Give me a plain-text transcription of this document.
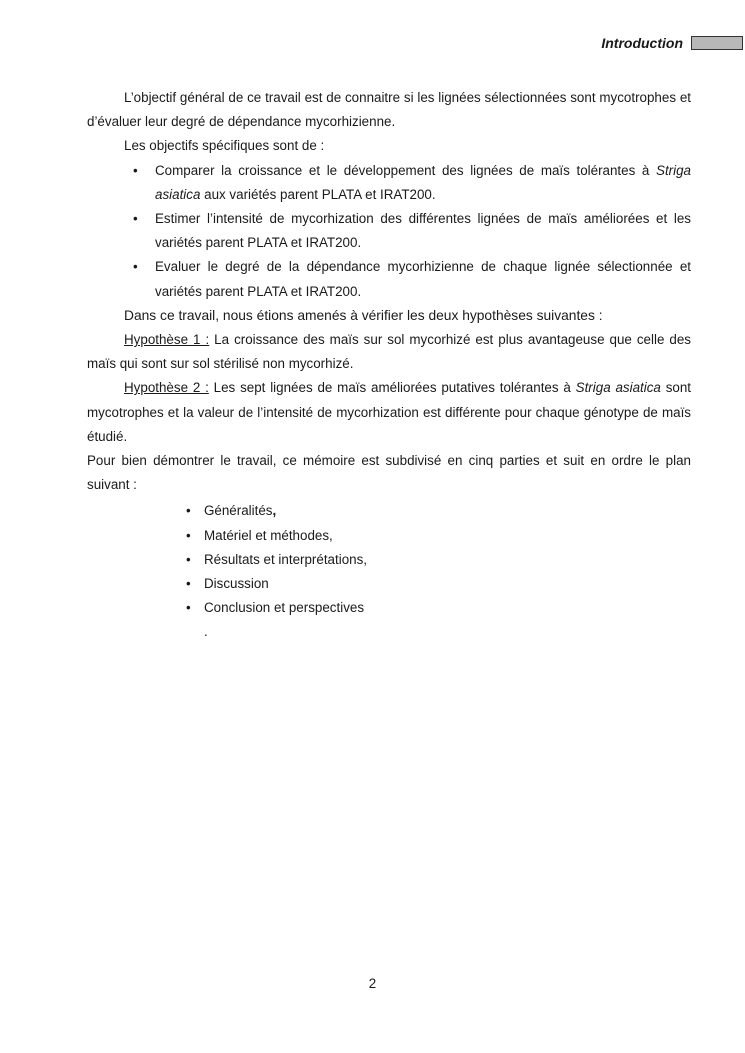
Introduction

L’objectif général de ce travail est de connaitre si les lignées sélectionnées sont mycotrophes et d’évaluer leur degré de dépendance mycorhizienne.

Les objectifs spécifiques sont de :

• Comparer la croissance et le développement des lignées de maïs tolérantes à Striga asiatica aux variétés parent PLATA et IRAT200.
• Estimer l’intensité de mycorhization des différentes lignées de maïs améliorées et les variétés parent PLATA et IRAT200.
• Evaluer le degré de la dépendance mycorhizienne de chaque lignée sélectionnée et variétés parent PLATA et IRAT200.

Dans ce travail, nous étions amenés à vérifier les deux hypothèses suivantes :

Hypothèse 1 : La croissance des maïs sur sol mycorhizé est plus avantageuse que celle des maïs qui sont sur sol stérilisé non mycorhizé.

Hypothèse 2 : Les sept lignées de maïs améliorées putatives tolérantes à Striga asiatica sont mycotrophes et la valeur de l’intensité de mycorhization est différente pour chaque génotype de maïs étudié.

Pour bien démontrer le travail, ce mémoire est subdivisé en cinq parties et suit en ordre le plan suivant :

• Généralités,
• Matériel et méthodes,
• Résultats et interprétations,
• Discussion
• Conclusion et perspectives
.
2
